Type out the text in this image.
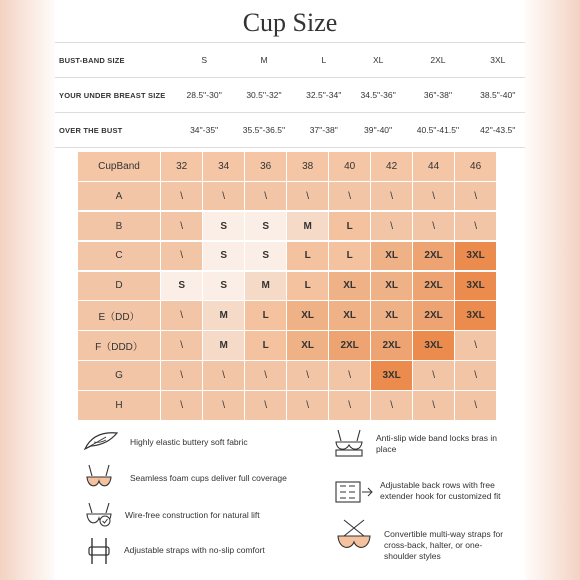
Cup Size
BUST-BAND SIZE	S	M	L	XL	2XL	3XL
YOUR UNDER BREAST SIZE	28.5''-30''	30.5''-32''	32.5''-34''	34.5''-36''	36''-38''	38.5''-40''
OVER THE BUST	34''-35''	35.5''-36.5''	37''-38''	39''-40''	40.5''-41.5''	42''-43.5''
CupBand	32	34	36	38	40	42	44	46
A	\	\	\	\	\	\	\	\
B	\	S	S	M	L	\	\	\
C	\	S	S	L	L	XL	2XL	3XL
D	S	S	M	L	XL	XL	2XL	3XL
E（DD）	\	M	L	XL	XL	XL	2XL	3XL
F（DDD）	\	M	L	XL	2XL	2XL	3XL	\
G	\	\	\	\	\	3XL	\	\
H	\	\	\	\	\	\	\	\
Highly elastic buttery soft fabric
Seamless foam cups deliver full coverage
Wire-free construction for natural lift
Adjustable straps with no-slip comfort
Anti-slip wide band locks bras in place
Adjustable back rows with free extender hook for customized fit
Convertible multi-way straps for cross-back, halter, or one-shoulder styles
